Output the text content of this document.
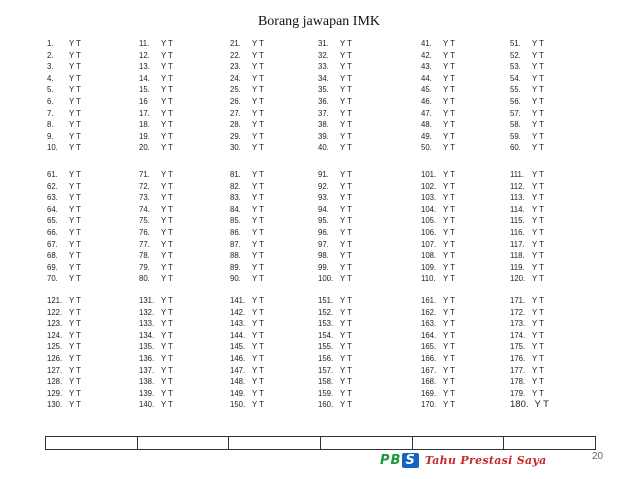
Borang jawapan IMK
1. Y T
2. Y T
3. Y T
4. Y T
5. Y T
6. Y T
7. Y T
8. Y T
9. Y T
10. Y T
11. Y T
12. Y T
13. Y T
14. Y T
15. Y T
16 Y T
17. Y T
18. Y T
19. Y T
20. Y T
21. Y T
22. Y T
23. Y T
24. Y T
25. Y T
26. Y T
27. Y T
28. Y T
29. Y T
30. Y T
31. Y T
32. Y T
33. Y T
34. Y T
35. Y T
36. Y T
37. Y T
38. Y T
39. Y T
40. Y T
41. Y T
42. Y T
43. Y T
44. Y T
45. Y T
46. Y T
47. Y T
48. Y T
49. Y T
50. Y T
51. Y T
52. Y T
53. Y T
54. Y T
55. Y T
56. Y T
57. Y T
58. Y T
59. Y T
60. Y T
61. Y T
62. Y T
63. Y T
64. Y T
65. Y T
66. Y T
67. Y T
68. Y T
69. Y T
70. Y T
71. Y T
72. Y T
73. Y T
74. Y T
75. Y T
76. Y T
77. Y T
78. Y T
79. Y T
80. Y T
81. Y T
82. Y T
83. Y T
84. Y T
85. Y T
86. Y T
87. Y T
88. Y T
89. Y T
90. Y T
91. Y T
92. Y T
93. Y T
94. Y T
95. Y T
96. Y T
97. Y T
98. Y T
99. Y T
100. Y T
101. Y T
102. Y T
103. Y T
104. Y T
105. Y T
106. Y T
107. Y T
108. Y T
109. Y T
110. Y T
111. Y T
112. Y T
113. Y T
114. Y T
115. Y T
116. Y T
117. Y T
118. Y T
119. Y T
120. Y T
121. Y T
122. Y T
123. Y T
124. Y T
125. Y T
126. Y T
127. Y T
128. Y T
129. Y T
130. Y T
131. Y T
132. Y T
133. Y T
134. Y T
135. Y T
136. Y T
137. Y T
138. Y T
139. Y T
140. Y T
141. Y T
142. Y T
143. Y T
144. Y T
145. Y T
146. Y T
147. Y T
148. Y T
149. Y T
150. Y T
151. Y T
152. Y T
153. Y T
154. Y T
155. Y T
156. Y T
157. Y T
158. Y T
159. Y T
160. Y T
161. Y T
162. Y T
163. Y T
164. Y T
165. Y T
166. Y T
167. Y T
168. Y T
169. Y T
170. Y T
171. Y T
172. Y T
173. Y T
174. Y T
175. Y T
176. Y T
177. Y T
178. Y T
179. Y T
180. Y T
PB S Tahu Prestasi Saya	20
